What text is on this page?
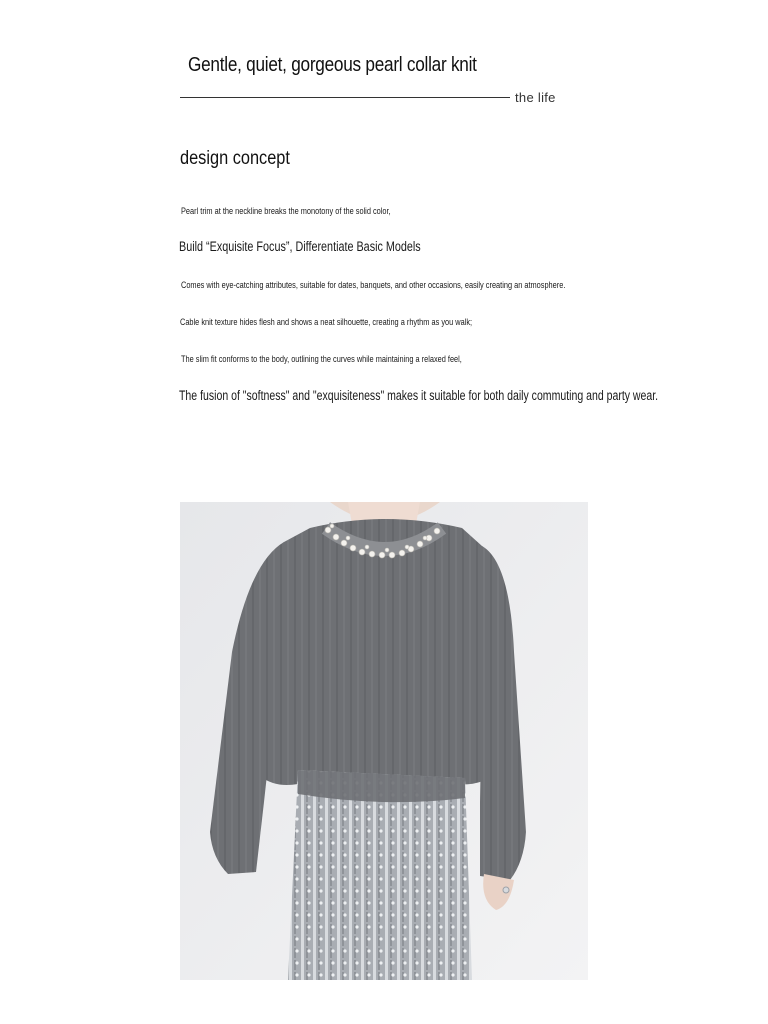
Gentle, quiet, gorgeous pearl collar knit
the life
design concept
Pearl trim at the neckline breaks the monotony of the solid color,
Build “Exquisite Focus”, Differentiate Basic Models
Comes with eye-catching attributes, suitable for dates, banquets, and other occasions, easily creating an atmosphere.
Cable knit texture hides flesh and shows a neat silhouette, creating a rhythm as you walk;
The slim fit conforms to the body, outlining the curves while maintaining a relaxed feel,
The fusion of "softness" and "exquisiteness" makes it suitable for both daily commuting and party wear.
